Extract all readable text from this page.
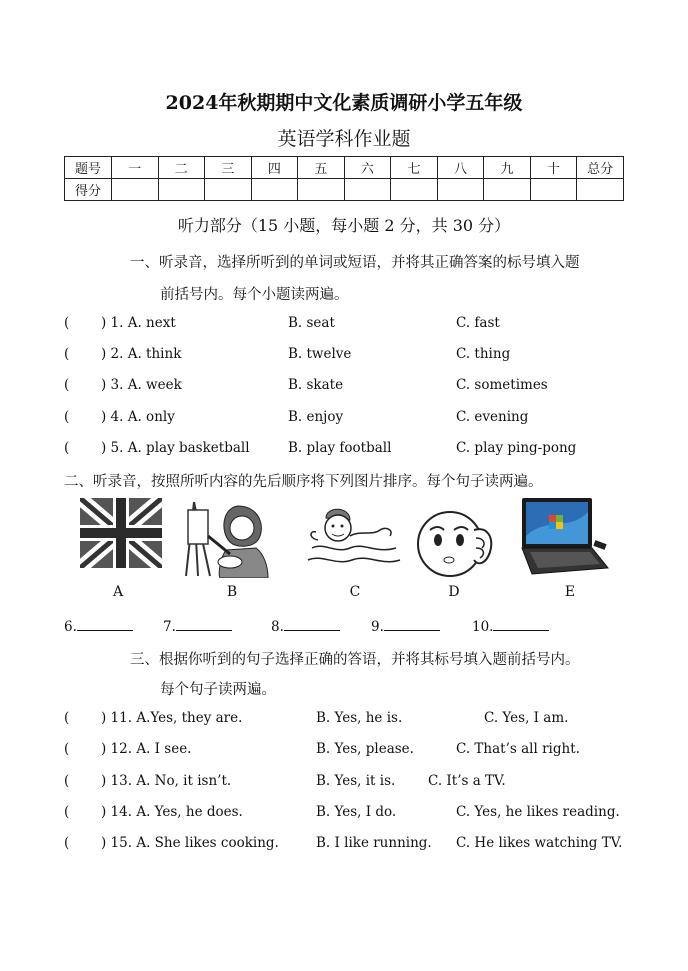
2024年秋期期中文化素质调研小学五年级
英语学科作业题
题号	一	二	三	四	五	六	七	八	九	十	总分
得分											
听力部分（15 小题，每小题 2 分，共 30 分）
一、听录音，选择所听到的单词或短语，并将其正确答案的标号填入题
前括号内。每个小题读两遍。
( ) 1. A. next	B. seat	C. fast
( ) 2. A. think	B. twelve	C. thing
( ) 3. A. week	B. skate	C. sometimes
( ) 4. A. only	B. enjoy	C. evening
( ) 5. A. play basketball	B. play football	C. play ping-pong
二、听录音，按照所听内容的先后顺序将下列图片排序。每个句子读两遍。
A	B	C	D	E
6.	7.	8.	9.	10.
三、根据你听到的句子选择正确的答语，并将其标号填入题前括号内。
每个句子读两遍。
( ) 11. A.Yes, they are.	B. Yes, he is.	C. Yes, I am.
( ) 12. A. I see.	B. Yes, please.	C. That’s all right.
( ) 13. A. No, it isn’t.	B. Yes, it is. C. It’s a TV.
( ) 14. A. Yes, he does.	B. Yes, I do.	C. Yes, he likes reading.
( ) 15. A. She likes cooking.	B. I like running. C. He likes watching TV.
